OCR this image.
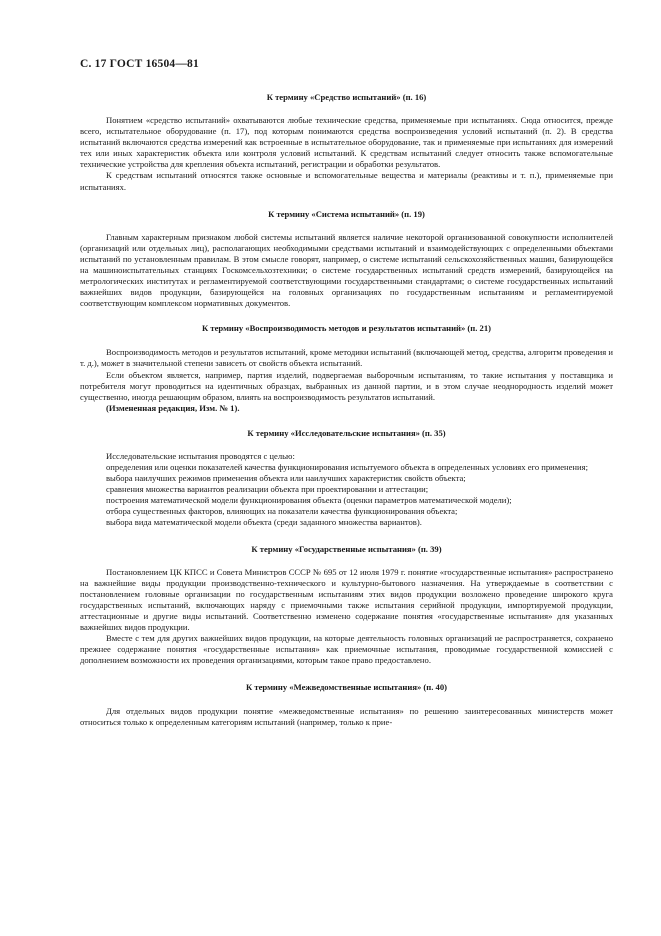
С. 17 ГОСТ 16504—81
К термину «Средство испытаний» (п. 16)

Понятием «средство испытаний» охватываются любые технические средства, применяемые при испытаниях. Сюда относится, прежде всего, испытательное оборудование (п. 17), под которым понимаются средства воспроизведения условий испытаний (п. 2). В средства испытаний включаются средства измерений как встроенные в испытательное оборудование, так и применяемые при испытаниях для измерений тех или иных характеристик объекта или контроля условий испытаний. К средствам испытаний следует относить также вспомогательные технические устройства для крепления объекта испытаний, регистрации и обработки результатов.

К средствам испытаний относятся также основные и вспомогательные вещества и материалы (реактивы и т. п.), применяемые при испытаниях.

К термину «Система испытаний» (п. 19)

Главным характерным признаком любой системы испытаний является наличие некоторой организованной совокупности исполнителей (организаций или отдельных лиц), располагающих необходимыми средствами испытаний и взаимодействующих с определенными объектами испытаний по установленным правилам. В этом смысле говорят, например, о системе испытаний сельскохозяйственных машин, базирующейся на машиноиспытательных станциях Госкомсельхозтехники; о системе государственных испытаний средств измерений, базирующейся на метрологических институтах и регламентируемой соответствующими государственными стандартами; о системе государственных испытаний важнейших видов продукции, базирующейся на головных организациях по государственным испытаниям и регламентируемой соответствующим комплексом нормативных документов.

К термину «Воспроизводимость методов и результатов испытаний» (п. 21)

Воспроизводимость методов и результатов испытаний, кроме методики испытаний (включающей метод, средства, алгоритм проведения и т. д.), может в значительной степени зависеть от свойств объекта испытаний.

Если объектом является, например, партия изделий, подвергаемая выборочным испытаниям, то такие испытания у поставщика и потребителя могут проводиться на идентичных образцах, выбранных из данной партии, и в этом случае неоднородность изделий может существенно, иногда решающим образом, влиять на воспроизводимость результатов испытаний.

(Измененная редакция, Изм. № 1).

К термину «Исследовательские испытания» (п. 35)

Исследовательские испытания проводятся с целью:

определения или оценки показателей качества функционирования испытуемого объекта в определенных условиях его применения;

выбора наилучших режимов применения объекта или наилучших характеристик свойств объекта;

сравнения множества вариантов реализации объекта при проектировании и аттестации;

построения математической модели функционирования объекта (оценки параметров математической модели);

отбора существенных факторов, влияющих на показатели качества функционирования объекта;

выбора вида математической модели объекта (среди заданного множества вариантов).

К термину «Государственные испытания» (п. 39)

Постановлением ЦК КПСС и Совета Министров СССР № 695 от 12 июля 1979 г. понятие «государственные испытания» распространено на важнейшие виды продукции производственно-технического и культурно-бытового назначения. На утверждаемые в соответствии с постановлением головные организации по государственным испытаниям этих видов продукции возложено проведение широкого круга государственных испытаний, включающих наряду с приемочными также испытания серийной продукции, импортируемой продукции, аттестационные и другие виды испытаний. Соответственно изменено содержание понятия «государственные испытания» для указанных важнейших видов продукции.

Вместе с тем для других важнейших видов продукции, на которые деятельность головных организаций не распространяется, сохранено прежнее содержание понятия «государственные испытания» как приемочные испытания, проводимые государственной комиссией с дополнением возможности их проведения организациями, которым такое право предоставлено.

К термину «Межведомственные испытания» (п. 40)

Для отдельных видов продукции понятие «межведомственные испытания» по решению заинтересованных министерств может относиться только к определенным категориям испытаний (например, только к прие-
